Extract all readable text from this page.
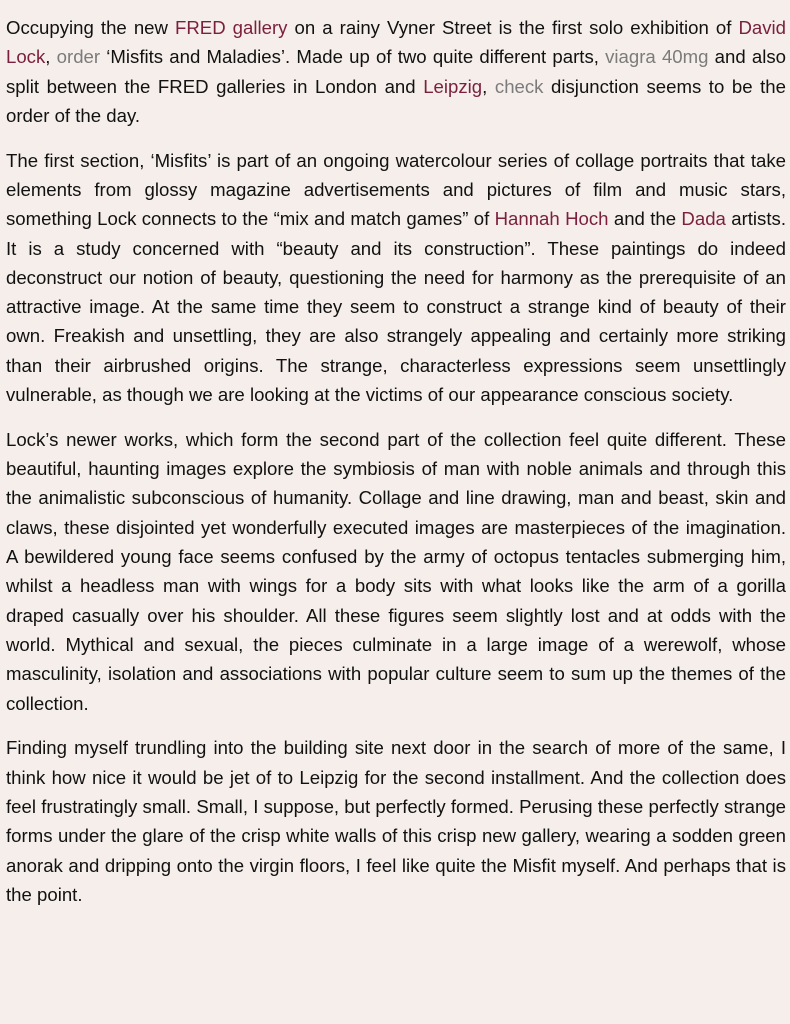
Occupying the new FRED gallery on a rainy Vyner Street is the first solo exhibition of David Lock, order ‘Misfits and Maladies’. Made up of two quite different parts, viagra 40mg and also split between the FRED galleries in London and Leipzig, check disjunction seems to be the order of the day.

The first section, ‘Misfits’ is part of an ongoing watercolour series of collage portraits that take elements from glossy magazine advertisements and pictures of film and music stars, something Lock connects to the “mix and match games” of Hannah Hoch and the Dada artists. It is a study concerned with “beauty and its construction”. These paintings do indeed deconstruct our notion of beauty, questioning the need for harmony as the prerequisite of an attractive image. At the same time they seem to construct a strange kind of beauty of their own. Freakish and unsettling, they are also strangely appealing and certainly more striking than their airbrushed origins. The strange, characterless expressions seem unsettlingly vulnerable, as though we are looking at the victims of our appearance conscious society.

Lock’s newer works, which form the second part of the collection feel quite different. These beautiful, haunting images explore the symbiosis of man with noble animals and through this the animalistic subconscious of humanity. Collage and line drawing, man and beast, skin and claws, these disjointed yet wonderfully executed images are masterpieces of the imagination. A bewildered young face seems confused by the army of octopus tentacles submerging him, whilst a headless man with wings for a body sits with what looks like the arm of a gorilla draped casually over his shoulder. All these figures seem slightly lost and at odds with the world. Mythical and sexual, the pieces culminate in a large image of a werewolf, whose masculinity, isolation and associations with popular culture seem to sum up the themes of the collection.

Finding myself trundling into the building site next door in the search of more of the same, I think how nice it would be jet of to Leipzig for the second installment. And the collection does feel frustratingly small. Small, I suppose, but perfectly formed. Perusing these perfectly strange forms under the glare of the crisp white walls of this crisp new gallery, wearing a sodden green anorak and dripping onto the virgin floors, I feel like quite the Misfit myself. And perhaps that is the point.
